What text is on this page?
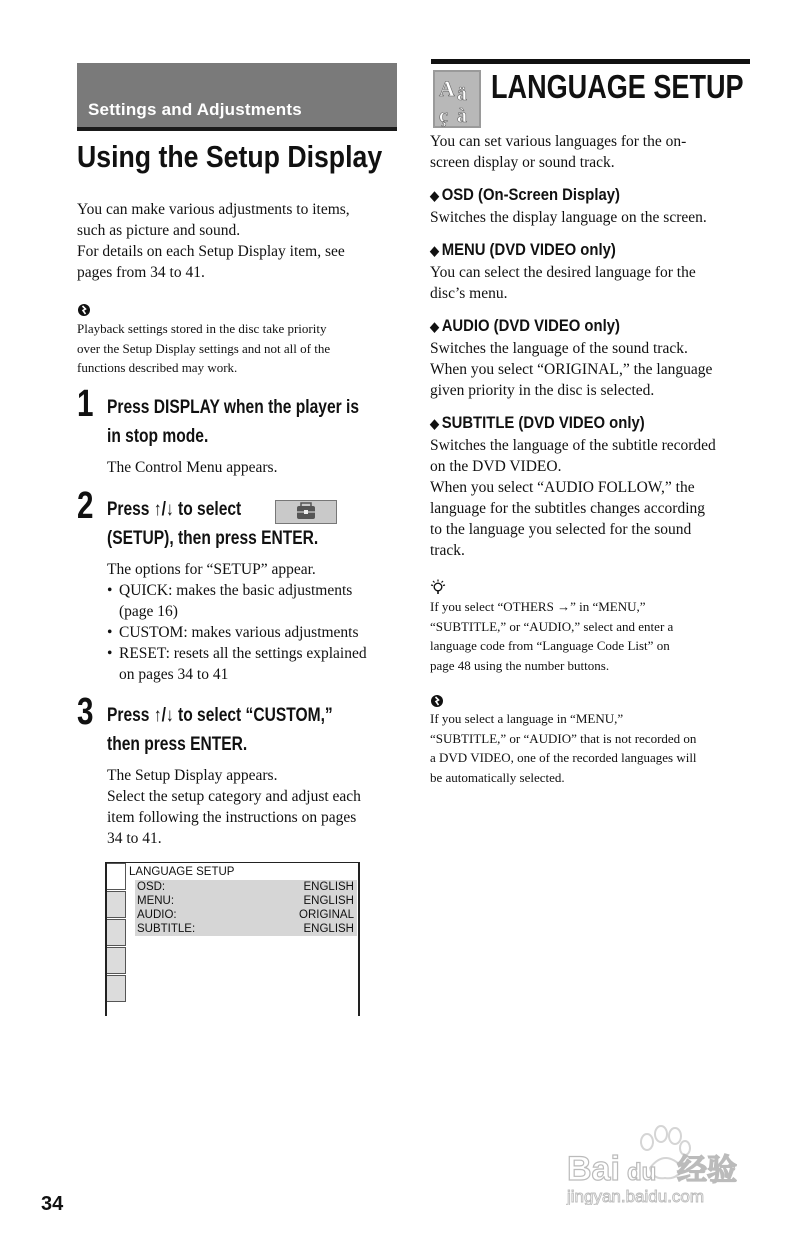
Settings and Adjustments
Using the Setup Display

You can make various adjustments to items,

such as picture and sound.

For details on each Setup Display item, see

pages from 34 to 41.

Playback settings stored in the disc take priority

over the Setup Display settings and not all of the

functions described may work.

1 Press DISPLAY when the player is
in stop mode.
The Control Menu appears.
2 Press ↑/↓ to select
(SETUP), then press ENTER.

The options for “SETUP” appear.

• QUICK: makes the basic adjustments
(page 16)
• CUSTOM: makes various adjustments
• RESET: resets all the settings explained
on pages 34 to 41
3 Press ↑/↓ to select “CUSTOM,”
then press ENTER.

The Setup Display appears.

Select the setup category and adjust each

item following the instructions on pages

34 to 41.

LANGUAGE SETUP
OSD:	ENGLISH
MENU:	ENGLISH
AUDIO:	ORIGINAL
SUBTITLE:	ENGLISH
A ä
ç à
LANGUAGE SETUP

You can set various languages for the on-

screen display or sound track.

◆ OSD (On-Screen Display)

Switches the display language on the screen.

◆ MENU (DVD VIDEO only)

You can select the desired language for the

disc’s menu.

◆ AUDIO (DVD VIDEO only)

Switches the language of the sound track.

When you select “ORIGINAL,” the language

given priority in the disc is selected.

◆ SUBTITLE (DVD VIDEO only)

Switches the language of the subtitle recorded

on the DVD VIDEO.

When you select “AUDIO FOLLOW,” the

language for the subtitles changes according

to the language you selected for the sound

track.

If you select “OTHERS →” in “MENU,”

“SUBTITLE,” or “AUDIO,” select and enter a

language code from “Language Code List” on

page 48 using the number buttons.

If you select a language in “MENU,”

“SUBTITLE,” or “AUDIO” that is not recorded on

a DVD VIDEO, one of the recorded languages will

be automatically selected.

34
Bai du 经验
jingyan.baidu.com
